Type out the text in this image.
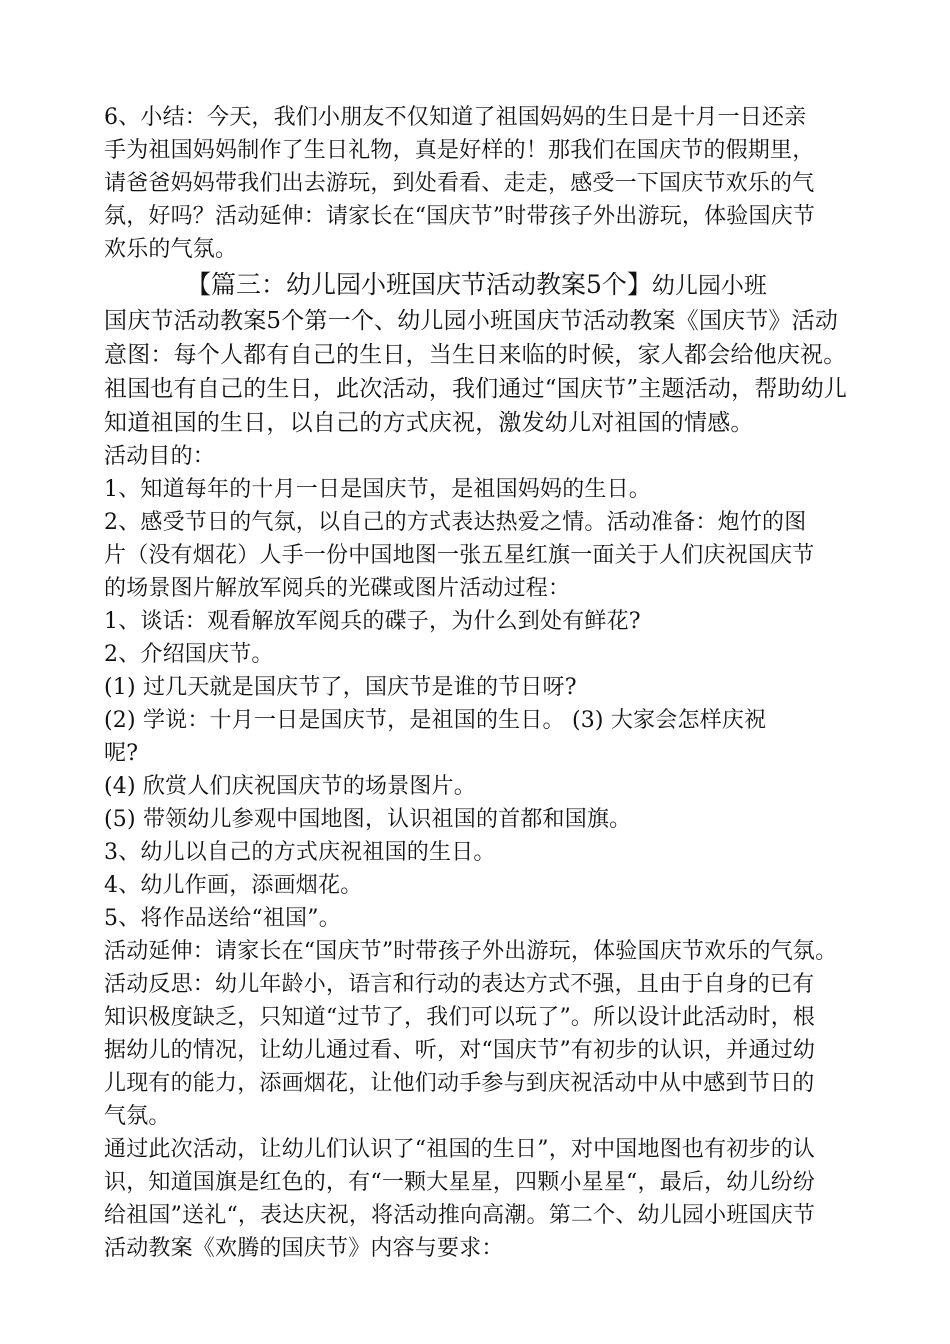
6、小结：今天，我们小朋友不仅知道了祖国妈妈的生日是十月一日还亲
手为祖国妈妈制作了生日礼物，真是好样的！那我们在国庆节的假期里，
请爸爸妈妈带我们出去游玩，到处看看、走走，感受一下国庆节欢乐的气
氛，好吗？活动延伸：请家长在“国庆节”时带孩子外出游玩，体验国庆节
欢乐的气氛。
【篇三：幼儿园小班国庆节活动教案5个】幼儿园小班
国庆节活动教案5个第一个、幼儿园小班国庆节活动教案《国庆节》活动
意图：每个人都有自己的生日，当生日来临的时候，家人都会给他庆祝。
祖国也有自己的生日，此次活动，我们通过“国庆节”主题活动，帮助幼儿
知道祖国的生日，以自己的方式庆祝，激发幼儿对祖国的情感。
活动目的：
1、知道每年的十月一日是国庆节，是祖国妈妈的生日。
2、感受节日的气氛，以自己的方式表达热爱之情。活动准备：炮竹的图
片（没有烟花）人手一份中国地图一张五星红旗一面关于人们庆祝国庆节
的场景图片解放军阅兵的光碟或图片活动过程：
1、谈话：观看解放军阅兵的碟子，为什么到处有鲜花?
2、介绍国庆节。
(1) 过几天就是国庆节了，国庆节是谁的节日呀?
(2) 学说：十月一日是国庆节，是祖国的生日。 (3) 大家会怎样庆祝
呢?
(4) 欣赏人们庆祝国庆节的场景图片。
(5) 带领幼儿参观中国地图，认识祖国的首都和国旗。
3、幼儿以自己的方式庆祝祖国的生日。
4、幼儿作画，添画烟花。
5、将作品送给“祖国”。
活动延伸：请家长在“国庆节”时带孩子外出游玩，体验国庆节欢乐的气氛。
活动反思：幼儿年龄小，语言和行动的表达方式不强，且由于自身的已有
知识极度缺乏，只知道“过节了，我们可以玩了”。所以设计此活动时，根
据幼儿的情况，让幼儿通过看、听，对“国庆节”有初步的认识，并通过幼
儿现有的能力，添画烟花，让他们动手参与到庆祝活动中从中感到节日的
气氛。
通过此次活动，让幼儿们认识了“祖国的生日”，对中国地图也有初步的认
识，知道国旗是红色的，有“一颗大星星，四颗小星星“，最后，幼儿纷纷
给祖国”送礼“，表达庆祝，将活动推向高潮。第二个、幼儿园小班国庆节
活动教案《欢腾的国庆节》内容与要求：
